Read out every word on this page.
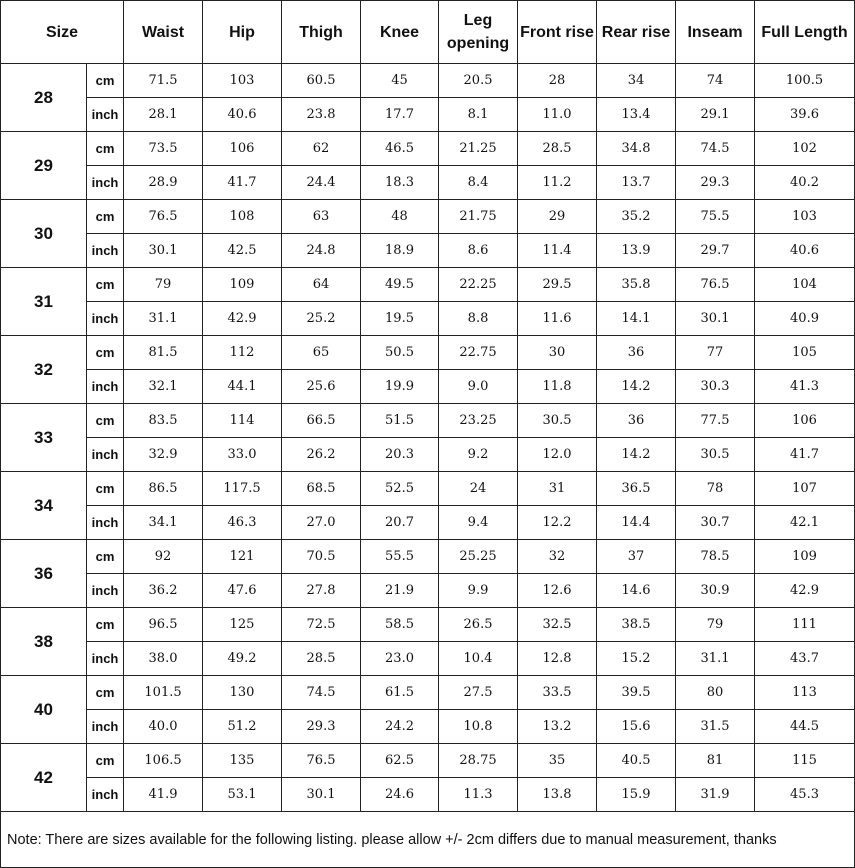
Size		Waist	Hip	Thigh	Knee	Leg opening	Front rise	Rear rise	Inseam	Full Length
28	cm	71.5	103	60.5	45	20.5	28	34	74	100.5
	inch	28.1	40.6	23.8	17.7	8.1	11.0	13.4	29.1	39.6
29	cm	73.5	106	62	46.5	21.25	28.5	34.8	74.5	102
	inch	28.9	41.7	24.4	18.3	8.4	11.2	13.7	29.3	40.2
30	cm	76.5	108	63	48	21.75	29	35.2	75.5	103
	inch	30.1	42.5	24.8	18.9	8.6	11.4	13.9	29.7	40.6
31	cm	79	109	64	49.5	22.25	29.5	35.8	76.5	104
	inch	31.1	42.9	25.2	19.5	8.8	11.6	14.1	30.1	40.9
32	cm	81.5	112	65	50.5	22.75	30	36	77	105
	inch	32.1	44.1	25.6	19.9	9.0	11.8	14.2	30.3	41.3
33	cm	83.5	114	66.5	51.5	23.25	30.5	36	77.5	106
	inch	32.9	33.0	26.2	20.3	9.2	12.0	14.2	30.5	41.7
34	cm	86.5	117.5	68.5	52.5	24	31	36.5	78	107
	inch	34.1	46.3	27.0	20.7	9.4	12.2	14.4	30.7	42.1
36	cm	92	121	70.5	55.5	25.25	32	37	78.5	109
	inch	36.2	47.6	27.8	21.9	9.9	12.6	14.6	30.9	42.9
38	cm	96.5	125	72.5	58.5	26.5	32.5	38.5	79	111
	inch	38.0	49.2	28.5	23.0	10.4	12.8	15.2	31.1	43.7
40	cm	101.5	130	74.5	61.5	27.5	33.5	39.5	80	113
	inch	40.0	51.2	29.3	24.2	10.8	13.2	15.6	31.5	44.5
42	cm	106.5	135	76.5	62.5	28.75	35	40.5	81	115
	inch	41.9	53.1	30.1	24.6	11.3	13.8	15.9	31.9	45.3
Note: There are sizes available for the following listing. please allow +/- 2cm differs due to manual measurement, thanks										
